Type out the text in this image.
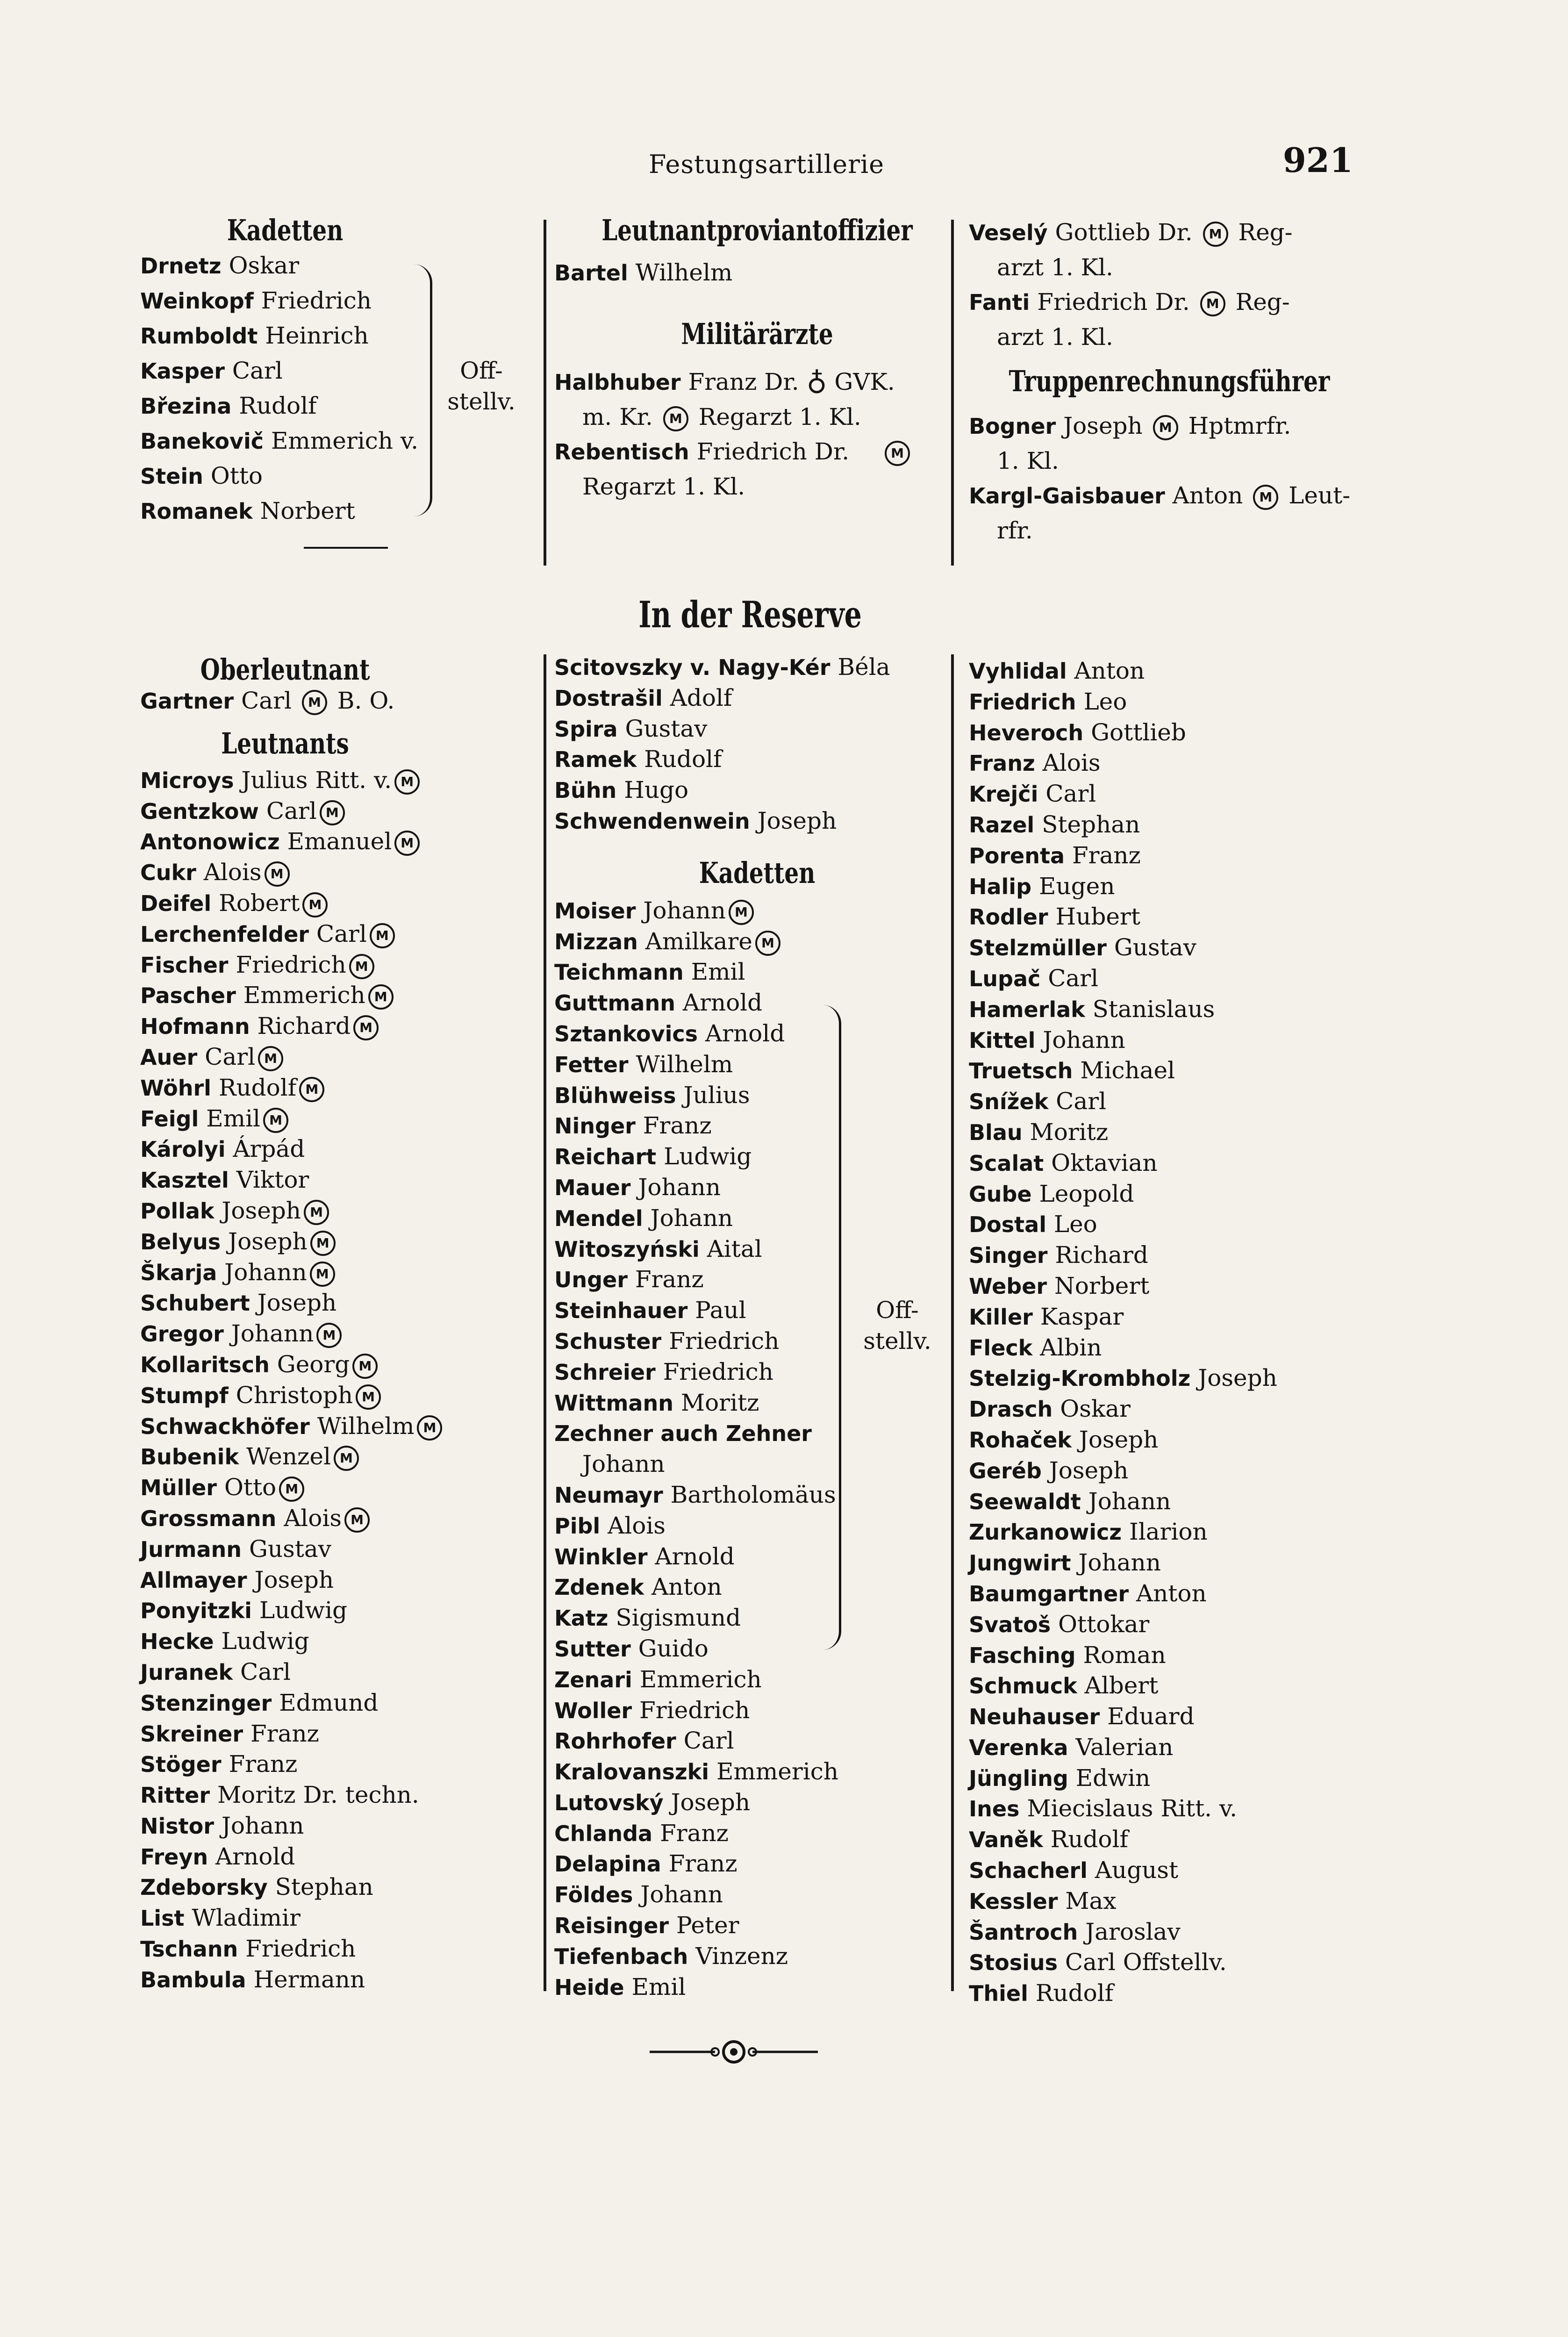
Festungsartillerie	921
Kadetten
Drnetz Oskar
Weinkopf Friedrich
Rumboldt Heinrich
Kasper Carl
Březina Rudolf
Banekovič Emmerich v.
Stein Otto
Romanek Norbert
Off-
stellv.
Leutnantproviantoffizier
Bartel Wilhelm
Militärärzte
Halbhuber Franz Dr. ♁ GVK.
m. Kr. M Regarzt 1. Kl.
Rebentisch Friedrich Dr.	M
Regarzt 1. Kl.
Veselý Gottlieb Dr. M Reg-
arzt 1. Kl.
Fanti Friedrich Dr. M Reg-
arzt 1. Kl.
Truppenrechnungsführer
Bogner Joseph M Hptmrfr.
1. Kl.
Kargl-Gaisbauer Anton M Leut-
rfr.
In der Reserve
Oberleutnant
Gartner Carl M B. O.
Leutnants
Microys Julius Ritt. v. M
Gentzkow Carl M
Antonowicz Emanuel M
Cukr Alois M
Deifel Robert M
Lerchenfelder Carl M
Fischer Friedrich M
Pascher Emmerich M
Hofmann Richard M
Auer Carl M
Wöhrl Rudolf M
Feigl Emil M
Károlyi Árpád
Kasztel Viktor
Pollak Joseph M
Belyus Joseph M
Škarja Johann M
Schubert Joseph
Gregor Johann M
Kollaritsch Georg M
Stumpf Christoph M
Schwackhöfer Wilhelm M
Bubenik Wenzel M
Müller Otto M
Grossmann Alois M
Jurmann Gustav
Allmayer Joseph
Ponyitzki Ludwig
Hecke Ludwig
Juranek Carl
Stenzinger Edmund
Skreiner Franz
Stöger Franz
Ritter Moritz Dr. techn.
Nistor Johann
Freyn Arnold
Zdeborsky Stephan
List Wladimir
Tschann Friedrich
Bambula Hermann
Scitovszky v. Nagy-Kér Béla
Dostrašil Adolf
Spira Gustav
Ramek Rudolf
Bühn Hugo
Schwendenwein Joseph
Kadetten
Moiser Johann M
Mizzan Amilkare M
Teichmann Emil
Guttmann Arnold
Sztankovics Arnold
Fetter Wilhelm
Blühweiss Julius
Ninger Franz
Reichart Ludwig
Mauer Johann
Mendel Johann
Witoszyński Aital
Unger Franz
Steinhauer Paul
Schuster Friedrich
Schreier Friedrich
Wittmann Moritz
Zechner auch Zehner
Johann
Neumayr Bartholomäus
Pibl Alois
Winkler Arnold
Zdenek Anton
Katz Sigismund
Sutter Guido
Zenari Emmerich
Woller Friedrich
Rohrhofer Carl
Kralovanszki Emmerich
Lutovský Joseph
Chlanda Franz
Delapina Franz
Földes Johann
Reisinger Peter
Tiefenbach Vinzenz
Heide Emil
Off-
stellv.
Vyhlidal Anton
Friedrich Leo
Heveroch Gottlieb
Franz Alois
Krejči Carl
Razel Stephan
Porenta Franz
Halip Eugen
Rodler Hubert
Stelzmüller Gustav
Lupač Carl
Hamerlak Stanislaus
Kittel Johann
Truetsch Michael
Snížek Carl
Blau Moritz
Scalat Oktavian
Gube Leopold
Dostal Leo
Singer Richard
Weber Norbert
Killer Kaspar
Fleck Albin
Stelzig-Krombholz Joseph
Drasch Oskar
Rohaček Joseph
Geréb Joseph
Seewaldt Johann
Zurkanowicz Ilarion
Jungwirt Johann
Baumgartner Anton
Svatoš Ottokar
Fasching Roman
Schmuck Albert
Neuhauser Eduard
Verenka Valerian
Jüngling Edwin
Ines Miecislaus Ritt. v.
Vaněk Rudolf
Schacherl August
Kessler Max
Šantroch Jaroslav
Stosius Carl Offstellv.
Thiel Rudolf
